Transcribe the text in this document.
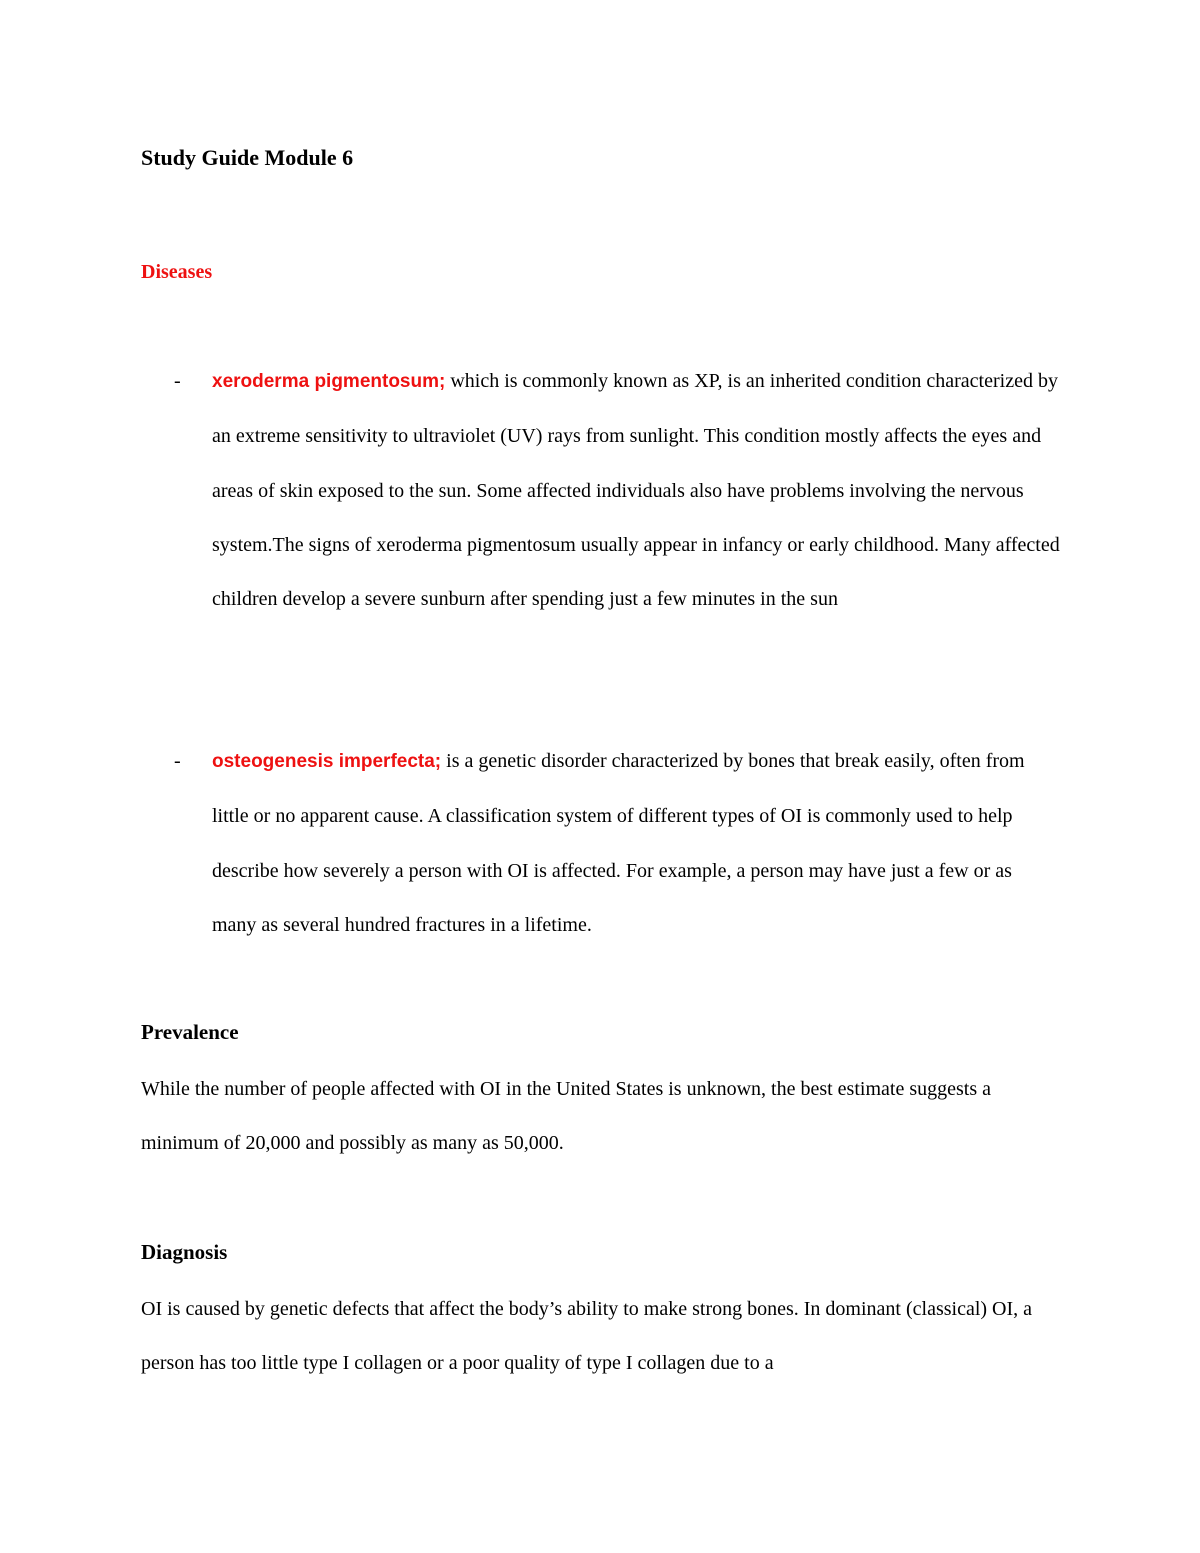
Study Guide Module 6
Diseases
- xeroderma pigmentosum; which is commonly known as XP, is an inherited condition characterized by an extreme sensitivity to ultraviolet (UV) rays from sunlight. This condition mostly affects the eyes and areas of skin exposed to the sun. Some affected individuals also have problems involving the nervous system.The signs of xeroderma pigmentosum usually appear in infancy or early childhood. Many affected children develop a severe sunburn after spending just a few minutes in the sun
- osteogenesis imperfecta; is a genetic disorder characterized by bones that break easily, often from little or no apparent cause. A classification system of different types of OI is commonly used to help describe how severely a person with OI is affected. For example, a person may have just a few or as many as several hundred fractures in a lifetime.
Prevalence

While the number of people affected with OI in the United States is unknown, the best estimate suggests a minimum of 20,000 and possibly as many as 50,000.

Diagnosis

OI is caused by genetic defects that affect the body’s ability to make strong bones. In dominant (classical) OI, a person has too little type I collagen or a poor quality of type I collagen due to a
